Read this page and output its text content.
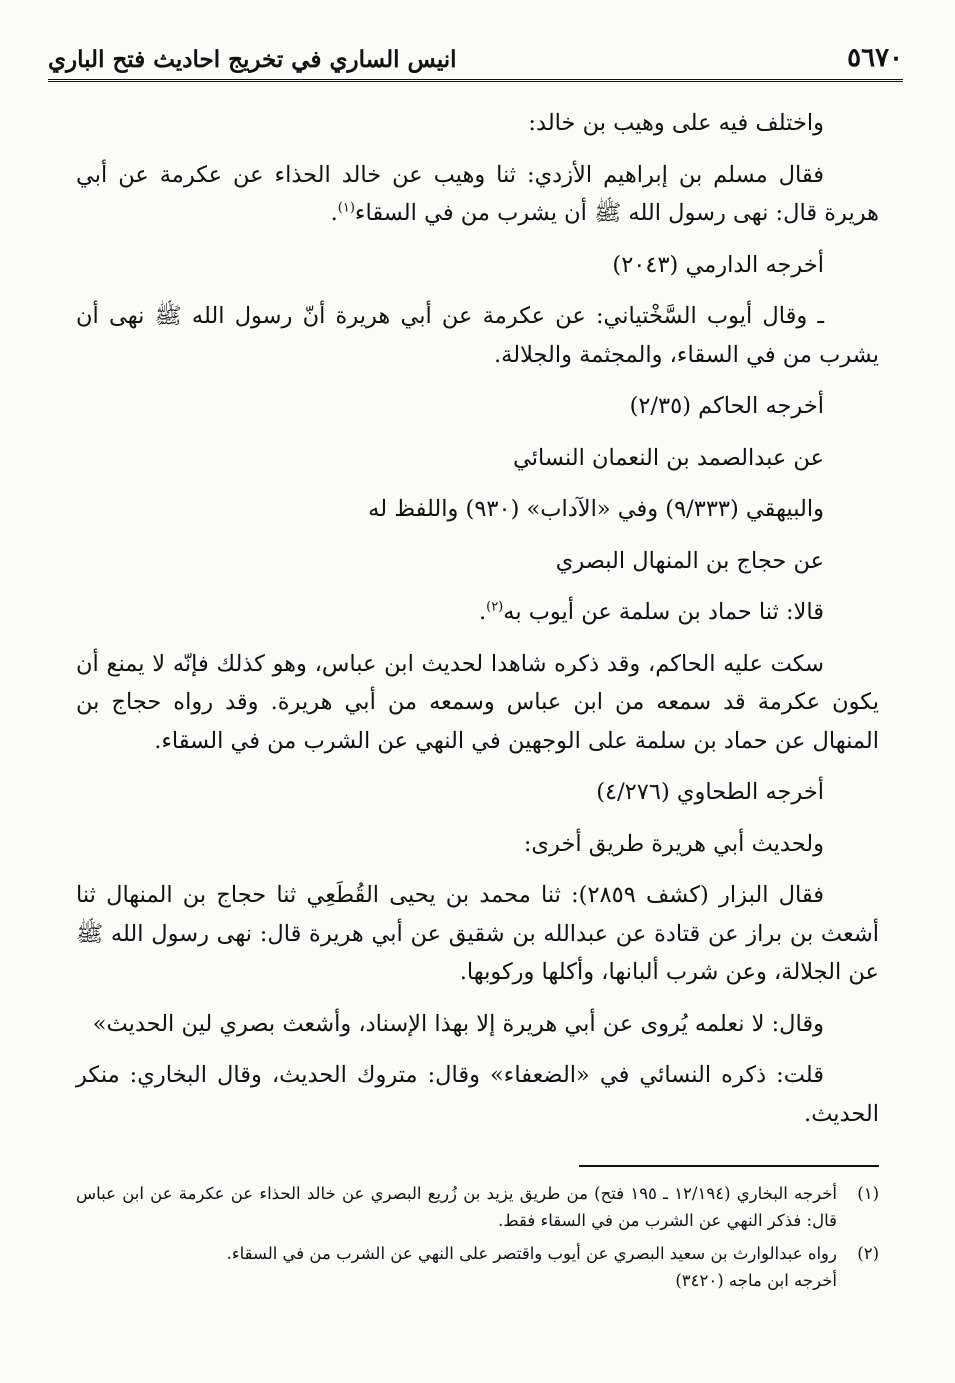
٥٦٧٠
انيس الساري في تخريج احاديث فتح الباري

واختلف فيه على وهيب بن خالد:

فقال مسلم بن إبراهيم الأزدي: ثنا وهيب عن خالد الحذاء عن عكرمة عن أبي هريرة قال: نهى رسول الله ﷺ أن يشرب من في السقاء$^{(١)}$.

أخرجه الدارمي (٢٠٤٣)

ـ وقال أيوب السَّخْتياني: عن عكرمة عن أبي هريرة أنّ رسول الله ﷺ نهى أن يشرب من في السقاء، والمجثمة والجلالة.

أخرجه الحاكم (٢/٣٥)

عن عبدالصمد بن النعمان النسائي

والبيهقي (٩/٣٣٣) وفي «الآداب» (٩٣٠) واللفظ له

عن حجاج بن المنهال البصري

قالا: ثنا حماد بن سلمة عن أيوب به$^{(٢)}$.

سكت عليه الحاكم، وقد ذكره شاهدا لحديث ابن عباس، وهو كذلك فإنّه لا يمنع أن يكون عكرمة قد سمعه من ابن عباس وسمعه من أبي هريرة. وقد رواه حجاج بن المنهال عن حماد بن سلمة على الوجهين في النهي عن الشرب من في السقاء.

أخرجه الطحاوي (٤/٢٧٦)

ولحديث أبي هريرة طريق أخرى:

فقال البزار (كشف ٢٨٥٩): ثنا محمد بن يحيى القُطَعِي ثنا حجاج بن المنهال ثنا أشعث بن براز عن قتادة عن عبدالله بن شقيق عن أبي هريرة قال: نهى رسول الله ﷺ عن الجلالة، وعن شرب ألبانها، وأكلها وركوبها.

وقال: لا نعلمه يُروى عن أبي هريرة إلا بهذا الإسناد، وأشعث بصري لين الحديث»

قلت: ذكره النسائي في «الضعفاء» وقال: متروك الحديث، وقال البخاري: منكر الحديث.

(١)
أخرجه البخاري (١٢/١٩٤ ـ ١٩٥ فتح) من طريق يزيد بن زُريع البصري عن خالد الحذاء عن عكرمة عن ابن عباس قال: فذكر النهي عن الشرب من في السقاء فقط.
(٢)
رواه عبدالوارث بن سعيد البصري عن أيوب واقتصر على النهي عن الشرب من في السقاء.
أخرجه ابن ماجه (٣٤٢٠)
